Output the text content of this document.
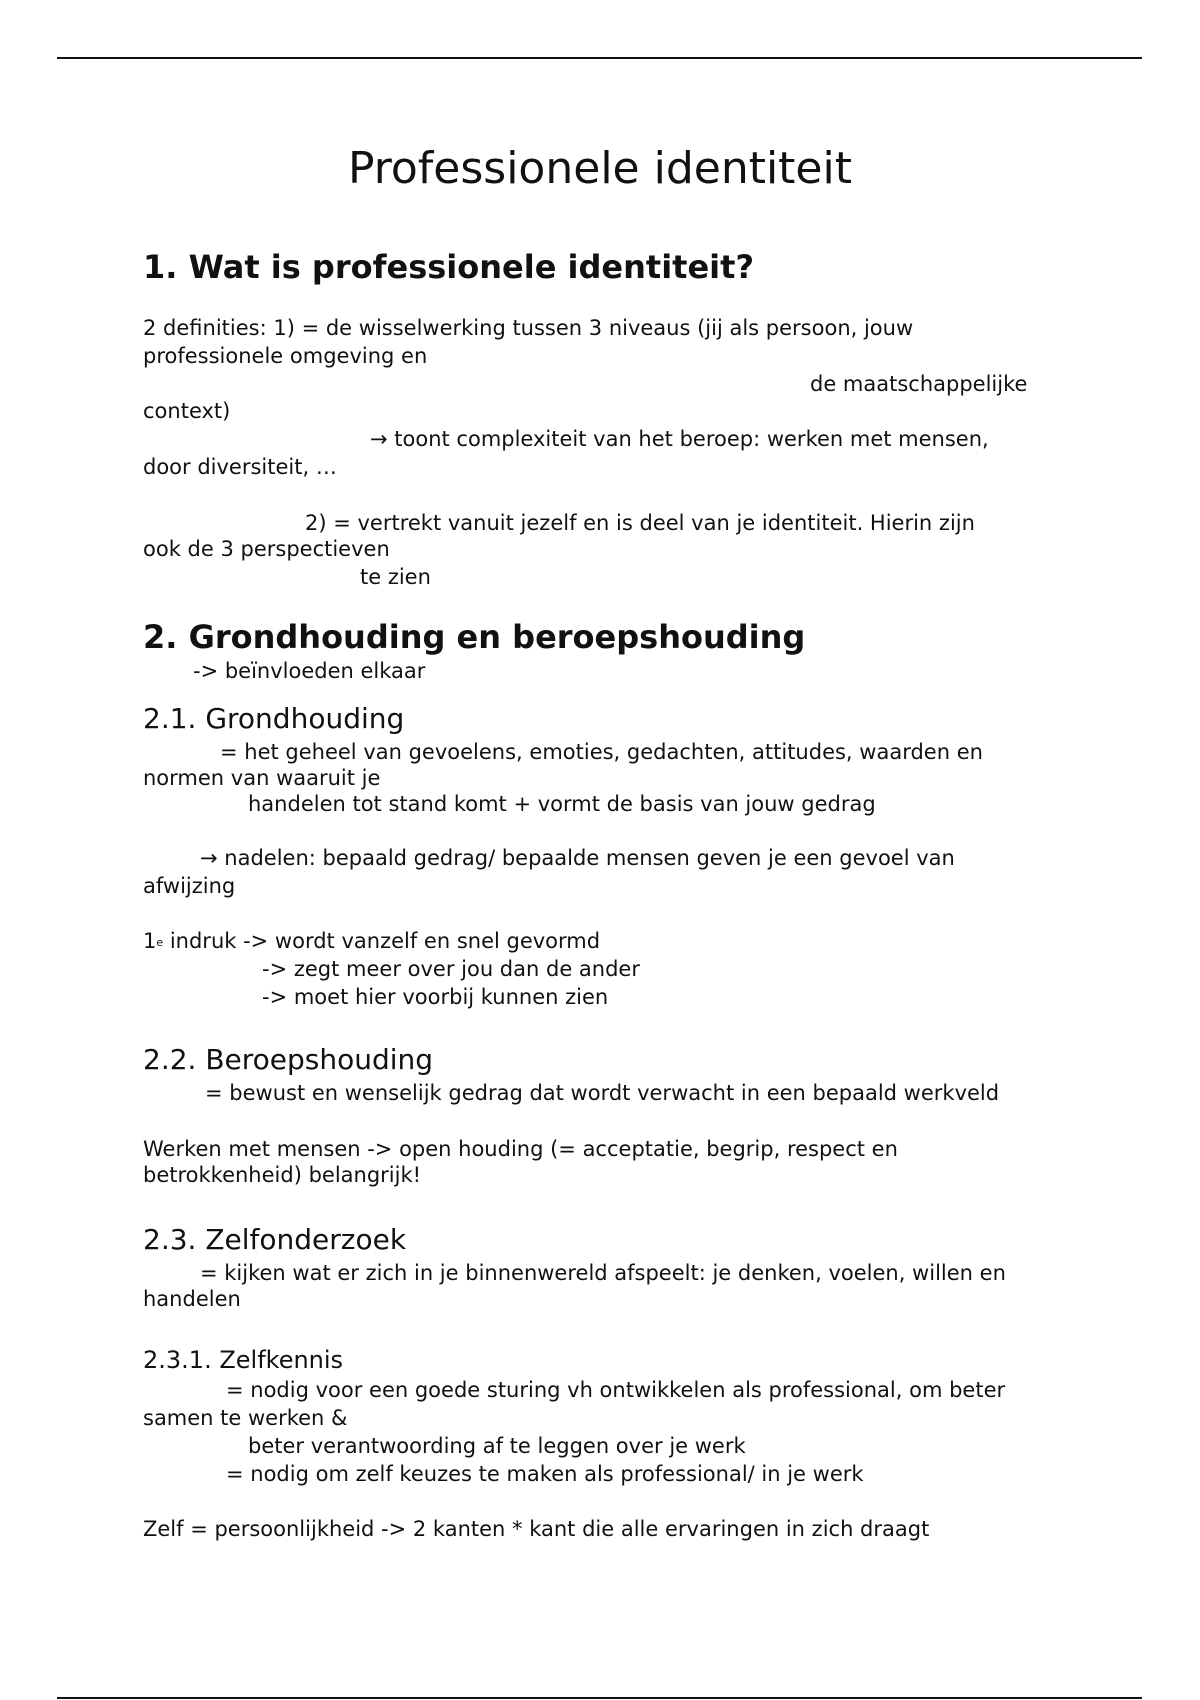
Professionele identiteit
1. Wat is professionele identiteit?

2 definities: 1) = de wisselwerking tussen 3 niveaus (jij als persoon, jouw

professionele omgeving en

de maatschappelijke

context)

→ toont complexiteit van het beroep: werken met mensen,

door diversiteit, …

2) = vertrekt vanuit jezelf en is deel van je identiteit. Hierin zijn

ook de 3 perspectieven

te zien

2. Grondhouding en beroepshouding

-> beïnvloeden elkaar

2.1. Grondhouding

= het geheel van gevoelens, emoties, gedachten, attitudes, waarden en

normen van waaruit je

handelen tot stand komt + vormt de basis van jouw gedrag

→ nadelen: bepaald gedrag/ bepaalde mensen geven je een gevoel van

afwijzing

1e indruk -> wordt vanzelf en snel gevormd

-> zegt meer over jou dan de ander

-> moet hier voorbij kunnen zien

2.2. Beroepshouding

= bewust en wenselijk gedrag dat wordt verwacht in een bepaald werkveld

Werken met mensen -> open houding (= acceptatie, begrip, respect en

betrokkenheid) belangrijk!

2.3. Zelfonderzoek

= kijken wat er zich in je binnenwereld afspeelt: je denken, voelen, willen en

handelen

2.3.1. Zelfkennis

= nodig voor een goede sturing vh ontwikkelen als professional, om beter

samen te werken &

beter verantwoording af te leggen over je werk

= nodig om zelf keuzes te maken als professional/ in je werk

Zelf = persoonlijkheid -> 2 kanten * kant die alle ervaringen in zich draagt
